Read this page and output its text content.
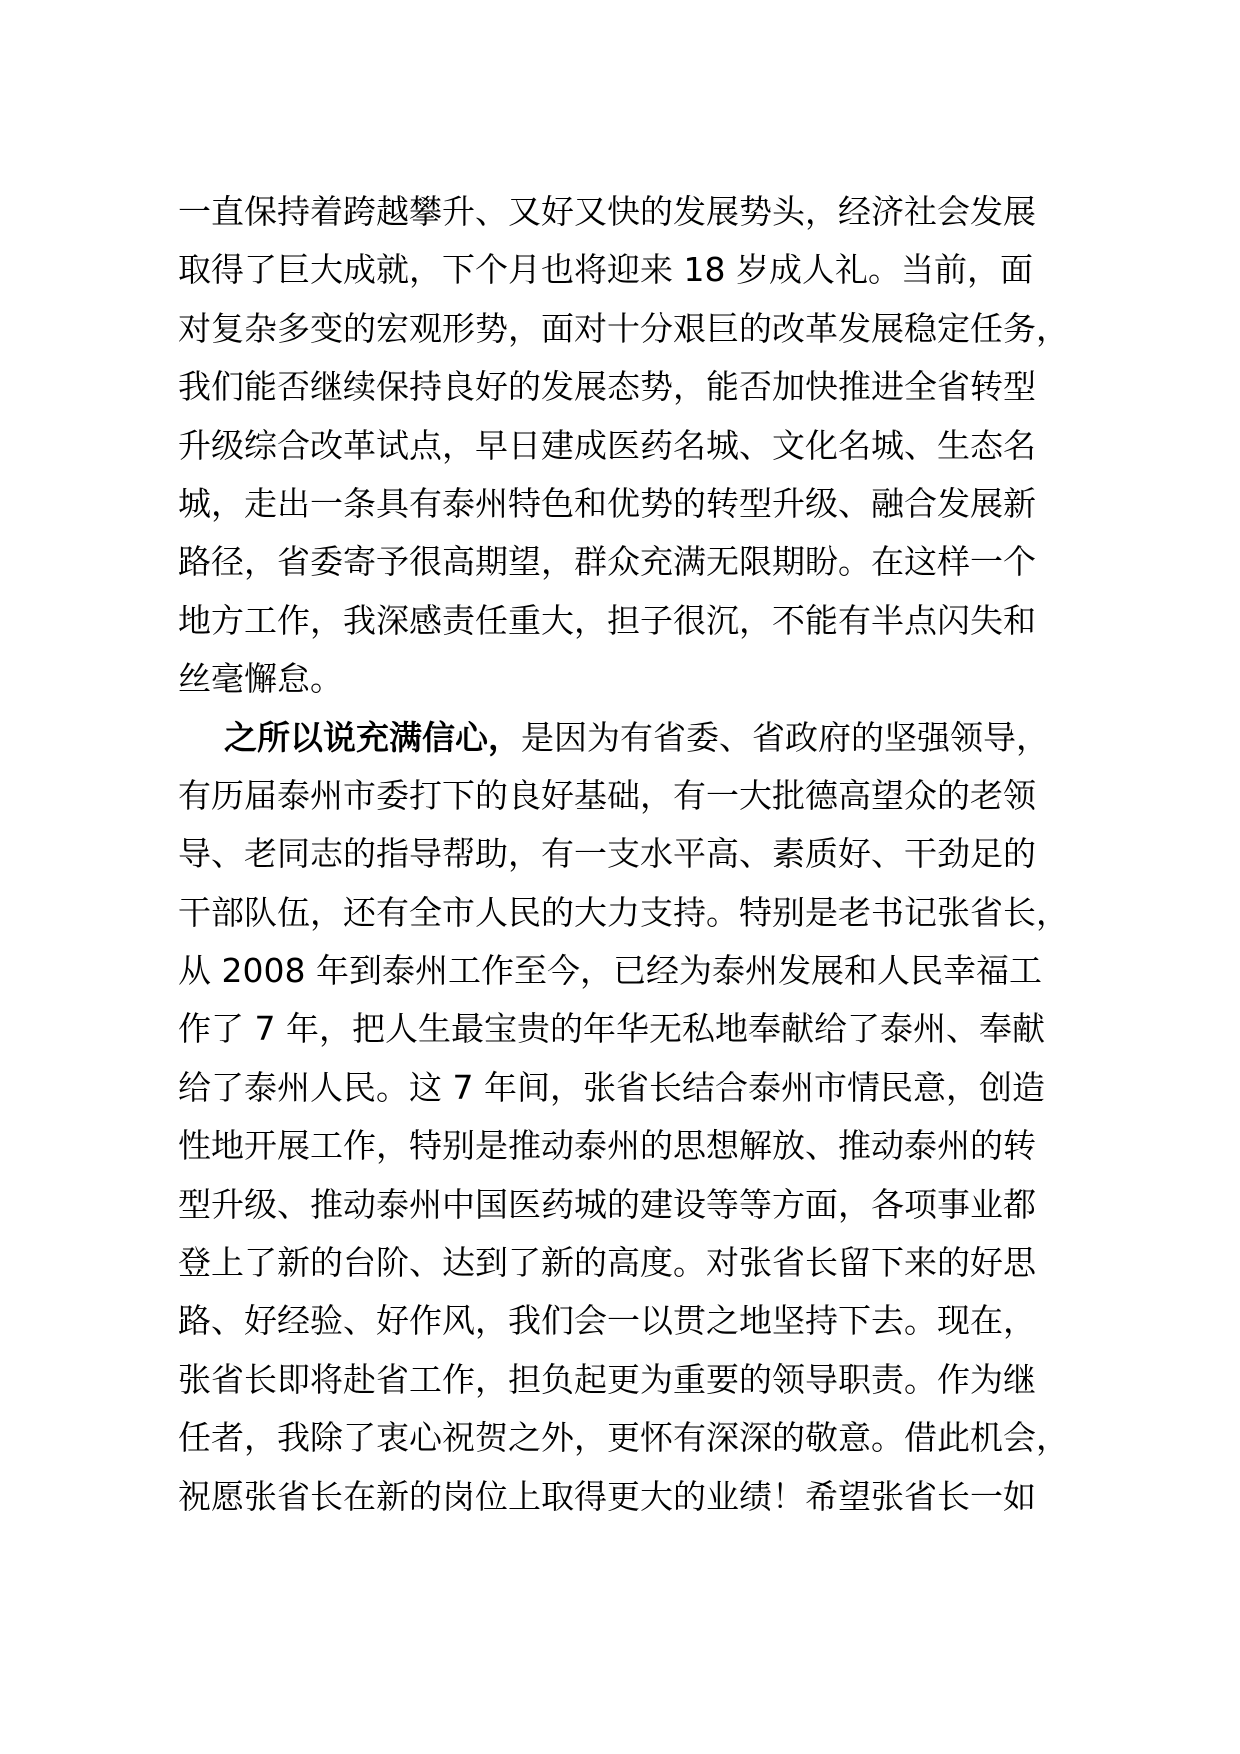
一直保持着跨越攀升、又好又快的发展势头，经济社会发展
取得了巨大成就，下个月也将迎来 18 岁成人礼。当前，面
对复杂多变的宏观形势，面对十分艰巨的改革发展稳定任务，
我们能否继续保持良好的发展态势，能否加快推进全省转型
升级综合改革试点，早日建成医药名城、文化名城、生态名
城，走出一条具有泰州特色和优势的转型升级、融合发展新
路径，省委寄予很高期望，群众充满无限期盼。在这样一个
地方工作，我深感责任重大，担子很沉，不能有半点闪失和
丝毫懈怠。
之所以说充满信心，是因为有省委、省政府的坚强领导，
有历届泰州市委打下的良好基础，有一大批德高望众的老领
导、老同志的指导帮助，有一支水平高、素质好、干劲足的
干部队伍，还有全市人民的大力支持。特别是老书记张省长，
从 2008 年到泰州工作至今，已经为泰州发展和人民幸福工
作了 7 年，把人生最宝贵的年华无私地奉献给了泰州、奉献
给了泰州人民。这 7 年间，张省长结合泰州市情民意，创造
性地开展工作，特别是推动泰州的思想解放、推动泰州的转
型升级、推动泰州中国医药城的建设等等方面，各项事业都
登上了新的台阶、达到了新的高度。对张省长留下来的好思
路、好经验、好作风，我们会一以贯之地坚持下去。现在，
张省长即将赴省工作，担负起更为重要的领导职责。作为继
任者，我除了衷心祝贺之外，更怀有深深的敬意。借此机会，
祝愿张省长在新的岗位上取得更大的业绩！希望张省长一如
